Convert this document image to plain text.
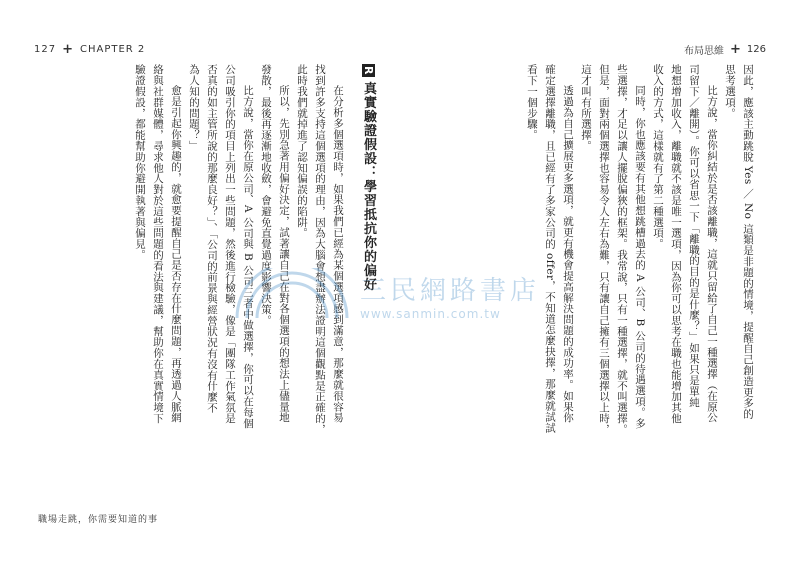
127 + CHAPTER 2	布局思維 + 126
因此，應該主動跳脫 Yes ／ No 這類是非題的情境，提醒自己創造更多的
思考選項。
比方說，當你糾結於是否該離職，這就只留給了自己一種選擇（在原公
司留下／離開）。你可以省思一下「離職的目的是什麼？」如果只是單純
地想增加收入，離職就不該是唯一選項，因為你可以思考在職也能增加其他
收入的方式，這樣就有了第二種選項。
同時，你也應該要有其他想跳槽過去的 A 公司、B 公司的待遇選項。多
些選擇，才足以讓人擺脫偏狹的框架。我常說，只有一種選擇，就不叫選擇。
但是，面對兩個選擇也容易令人左右為難，只有讓自己擁有三個選擇以上時，
這才叫有所選擇。
透過為自己擴展更多選項，就更有機會提高解決問題的成功率。如果你
確定選擇離職，且已經有了多家公司的 offer，不知道怎麼抉擇，那麼就試試
看下一個步驟。
R真實驗證假設：學習抵抗你的偏好
在分析多個選項時，如果我們已經為某個選項感到滿意，那麼就很容易
找到許多支持這個選項的理由，因為大腦會想盡辦法證明這個觀點是正確的，
此時我們就掉進了認知偏誤的陷阱。
所以，先別急著用偏好決定，試著讓自己在對各個選項的想法上儘量地
發散，最後再逐漸地收斂，會避免直覺過度影響決策。
比方說，當你在原公司、A 公司與 B 公司三者中做選擇，你可以在每個
公司吸引你的項目上列出一些問題，然後進行檢驗，像是「團隊工作氣氛是
否真的如主管所說的那麼良好？」、「公司的前景與經營狀況有沒有什麼不
為人知的問題？」
愈是引起你興趣的，就愈要提醒自己是否存在什麼問題，再透過人脈網
絡與社群媒體，尋求他人對於這些問題的看法與建議，幫助你在真實情境下
驗證假設，都能幫助你避開執著與偏見。
三民網路書店
www.sanmin.com.tw
職場走跳，你需要知道的事
